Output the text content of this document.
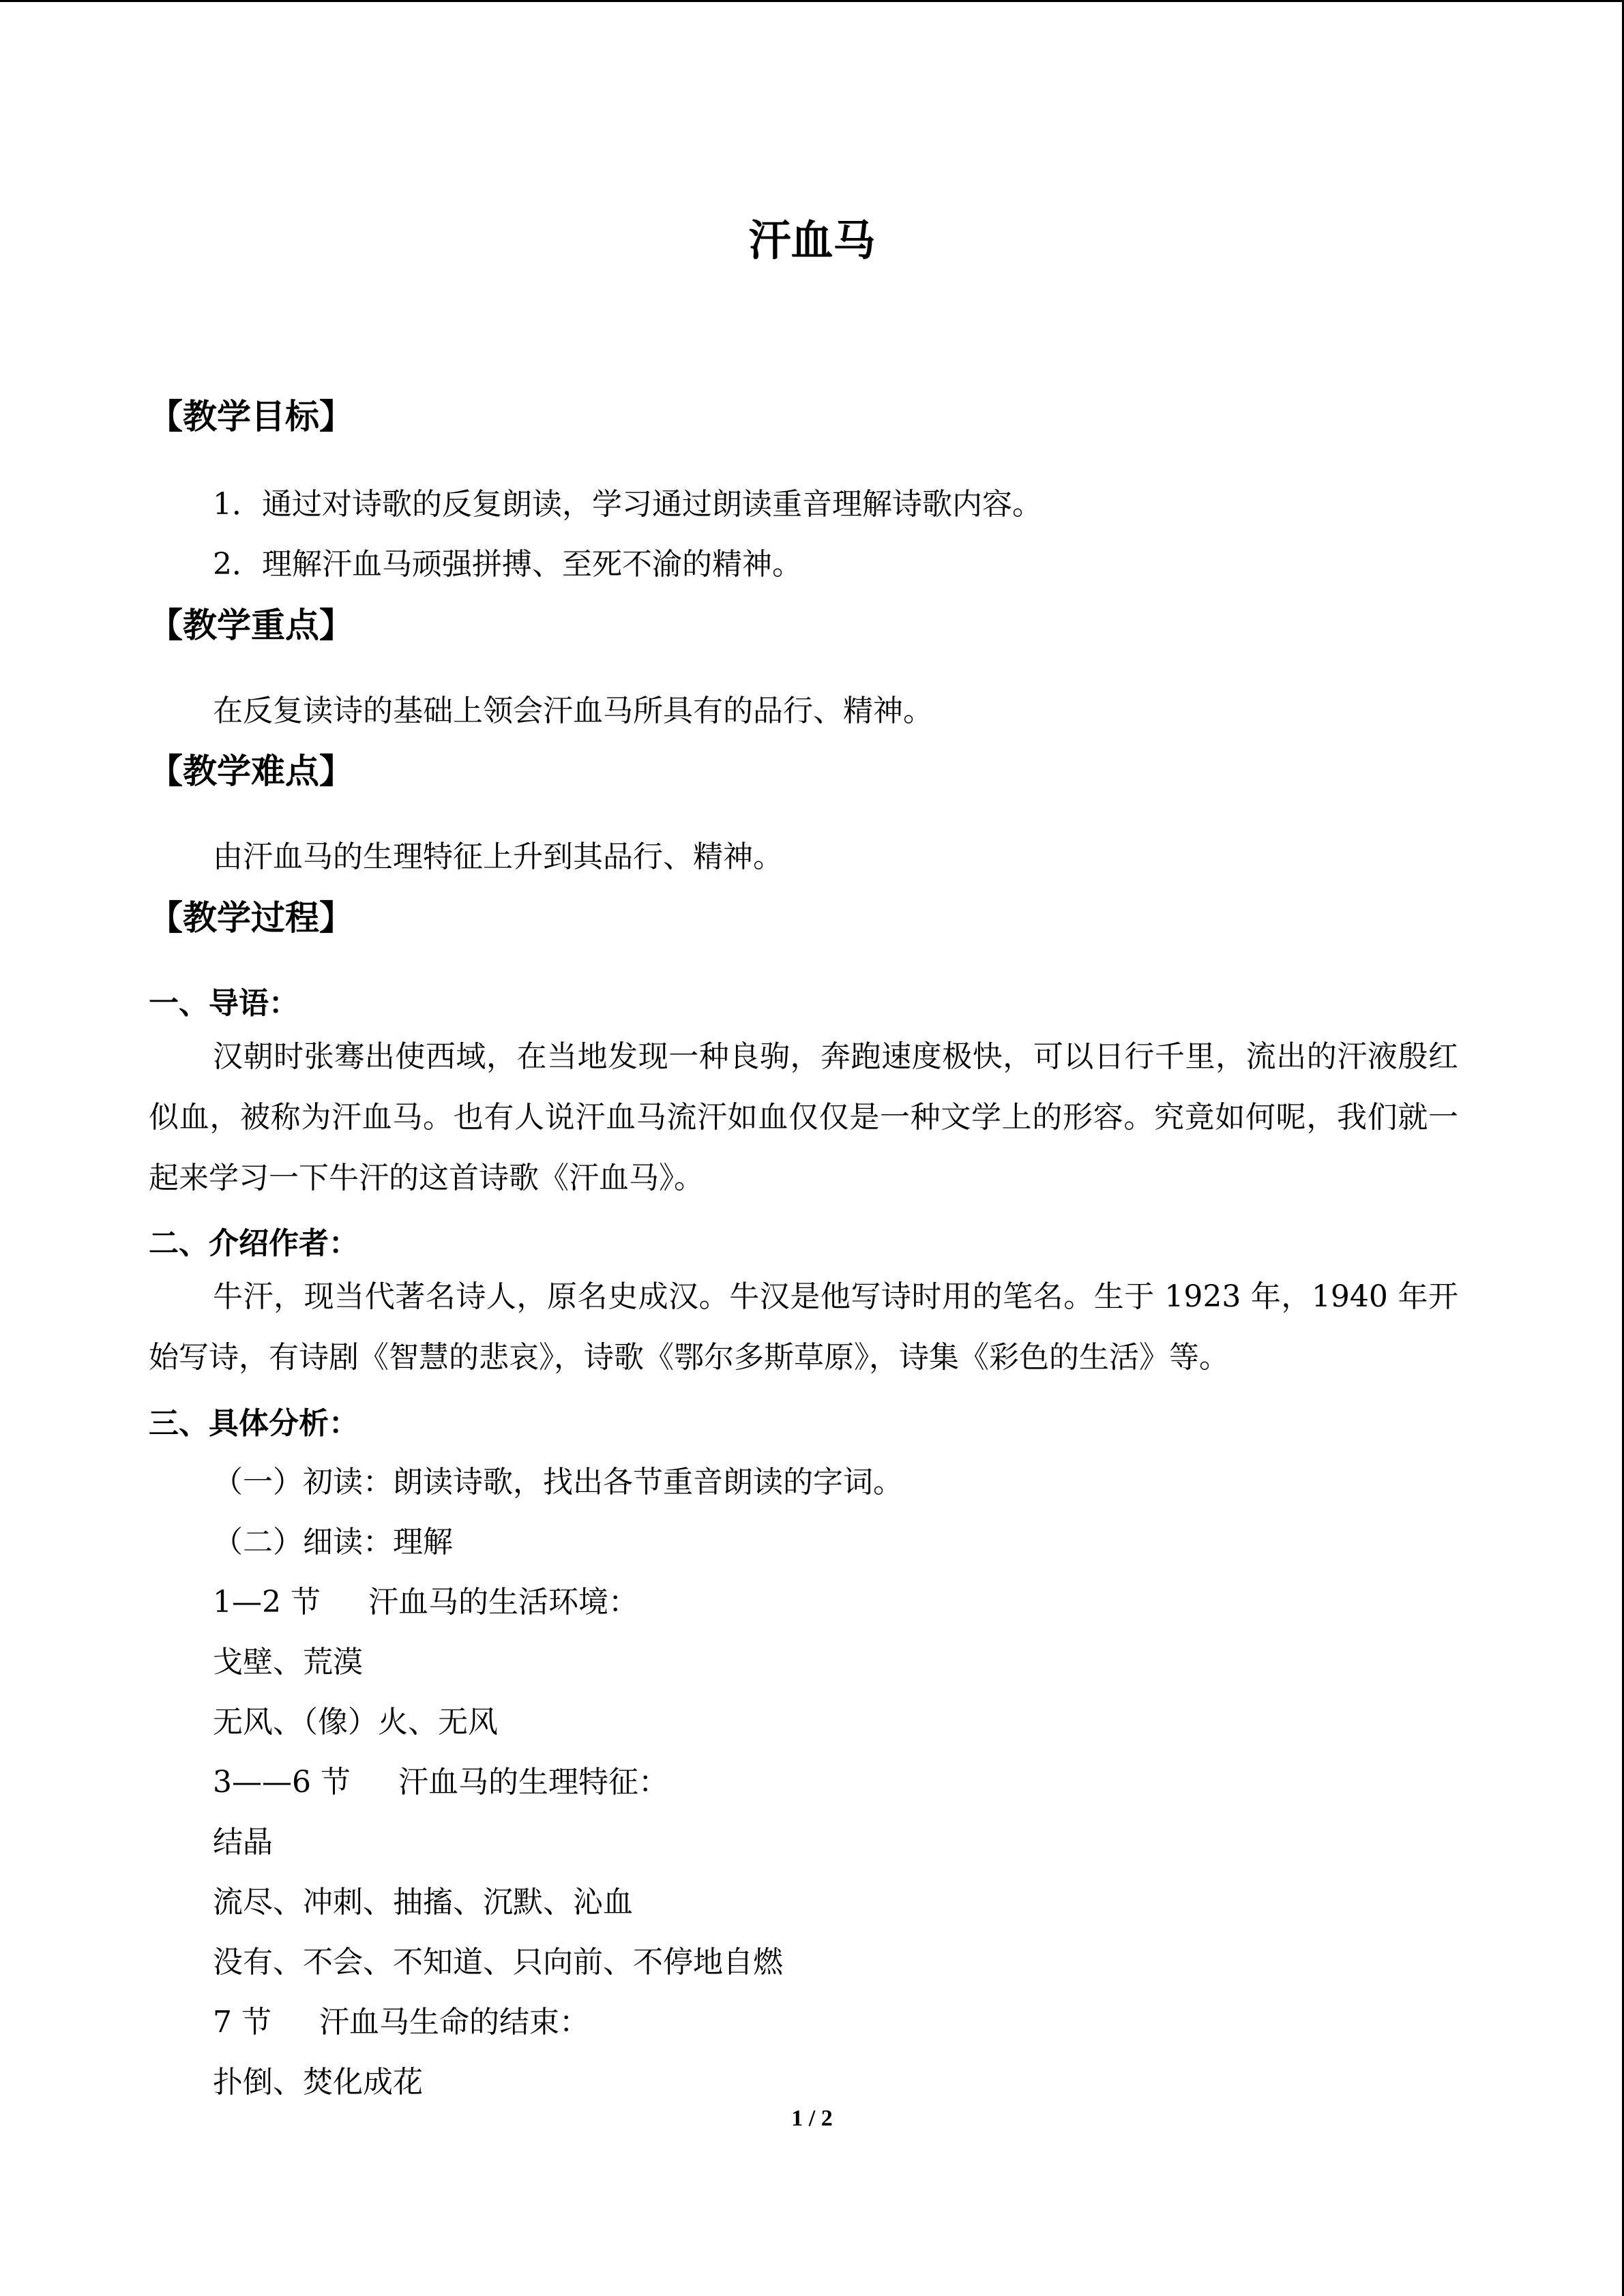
汗血马
【教学目标】
1．通过对诗歌的反复朗读，学习通过朗读重音理解诗歌内容。
2．理解汗血马顽强拼搏、至死不渝的精神。
【教学重点】
在反复读诗的基础上领会汗血马所具有的品行、精神。
【教学难点】
由汗血马的生理特征上升到其品行、精神。
【教学过程】
一、导语：
汉朝时张骞出使西域，在当地发现一种良驹，奔跑速度极快，可以日行千里，流出的汗液殷红似血，被称为汗血马。也有人说汗血马流汗如血仅仅是一种文学上的形容。究竟如何呢，我们就一起来学习一下牛汗的这首诗歌《汗血马》。
二、介绍作者：
牛汗，现当代著名诗人，原名史成汉。牛汉是他写诗时用的笔名。生于 1923 年，1940 年开始写诗，有诗剧《智慧的悲哀》，诗歌《鄂尔多斯草原》，诗集《彩色的生活》等。
三、具体分析：
（一）初读：朗读诗歌，找出各节重音朗读的字词。
（二）细读：理解
1—2 节 汗血马的生活环境：
戈壁、荒漠
无风、（像）火、无风
3——6 节 汗血马的生理特征：
结晶
流尽、冲刺、抽搐、沉默、沁血
没有、不会、不知道、只向前、不停地自燃
7 节 汗血马生命的结束：
扑倒、焚化成花
1 / 2
